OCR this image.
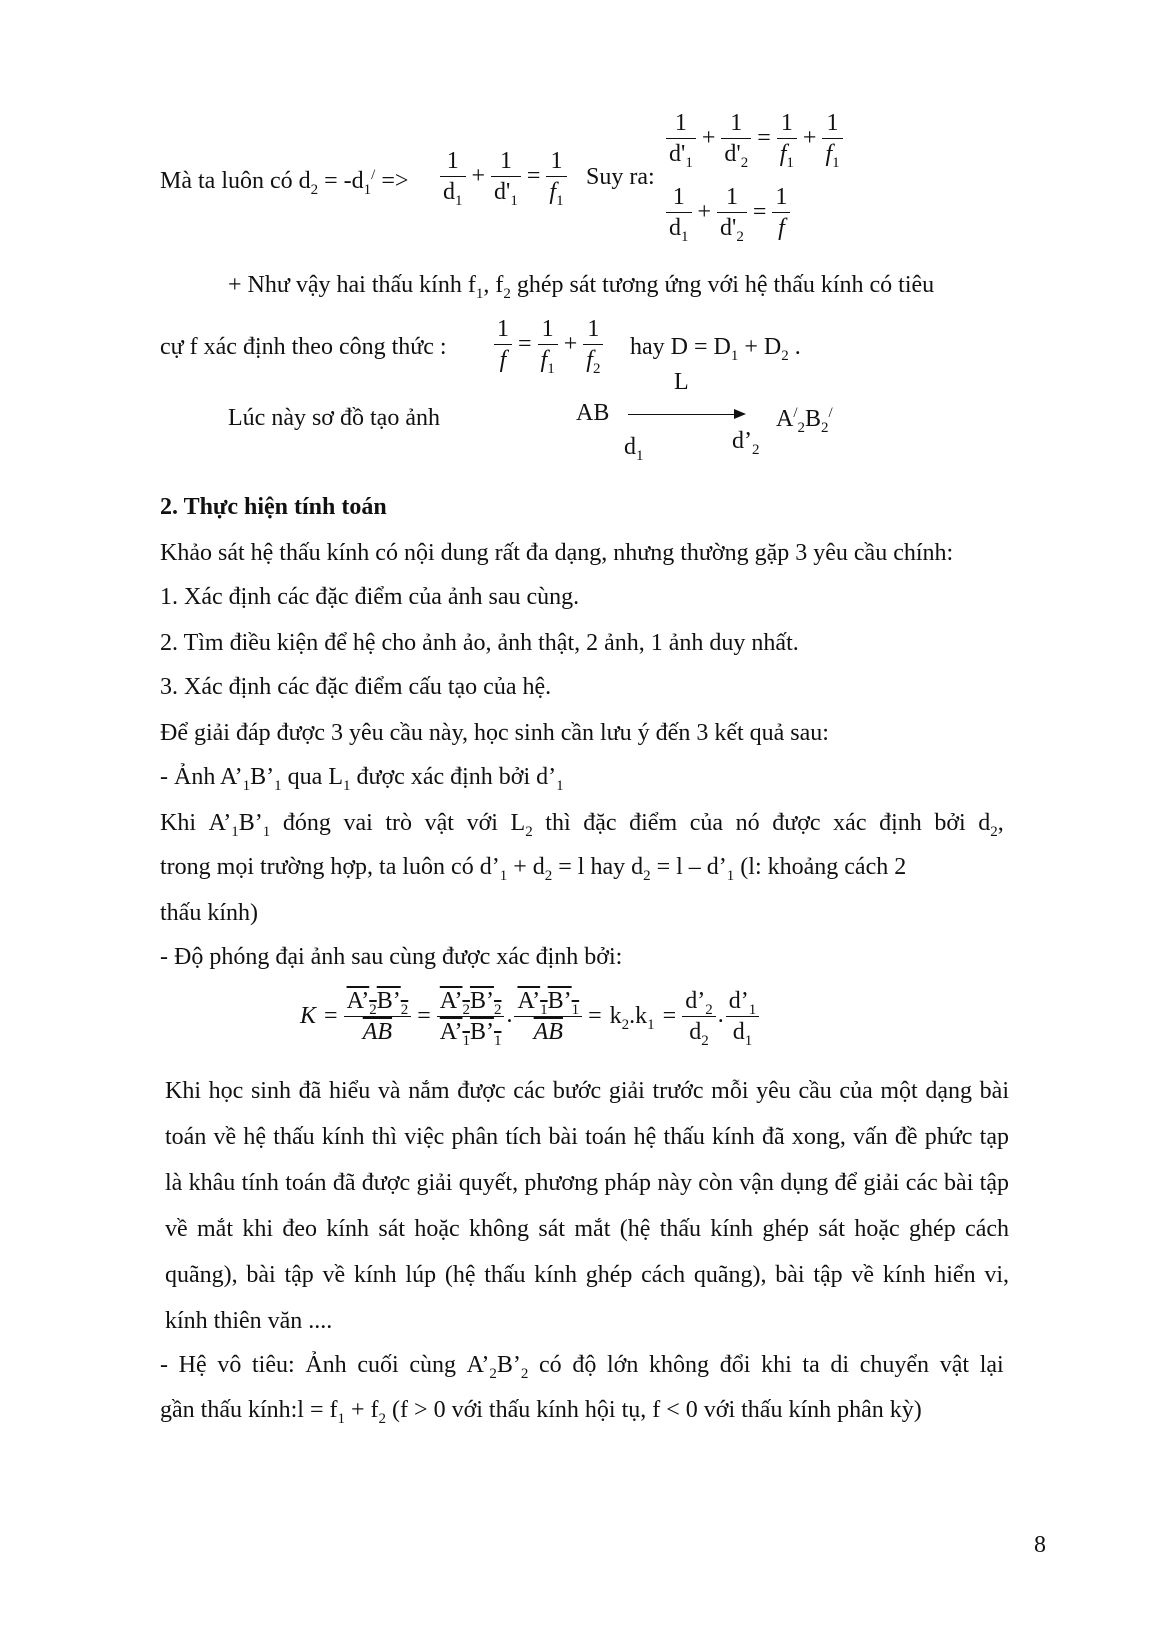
Mà ta luôn có $d_2 = -d_1^/ => \frac{1}{d_1} + \frac{1}{d'_1} = \frac{1}{f_1}$ Suy ra:
$\frac{1}{d'_1} + \frac{1}{d'_2} = \frac{1}{f_1} + \frac{1}{f_1}$
$\frac{1}{d_1} + \frac{1}{d'_2} = \frac{1}{f}$
+ Như vậy hai thấu kính $f_1$, $f_2$ ghép sát tương ứng với hệ thấu kính có tiêu
cự f xác định theo công thức : $\frac{1}{f} = \frac{1}{f_1} + \frac{1}{f_2}$ hay $D = D_1 + D_2$ .
Lúc này sơ đồ tạo ảnh
L
AB	$A^/_2B_2^/$
$d_1$
$d’_2$
2. Thực hiện tính toán
Khảo sát hệ thấu kính có nội dung rất đa dạng, nhưng thường gặp 3 yêu cầu chính:
1. Xác định các đặc điểm của ảnh sau cùng.
2. Tìm điều kiện để hệ cho ảnh ảo, ảnh thật, 2 ảnh, 1 ảnh duy nhất.
3. Xác định các đặc điểm cấu tạo của hệ.
Để giải đáp được 3 yêu cầu này, học sinh cần lưu ý đến 3 kết quả sau:
- Ảnh $A’_1B’_1$ qua $L_1$ được xác định bởi $d’_1$
Khi $A’_1B’_1$ đóng vai trò vật với $L_2$ thì đặc điểm của nó được xác định bởi $d_2$,
trong mọi trường hợp, ta luôn có $d’_1 + d_2 = l$ hay $d_2 = l$ – $d’_1$ (l: khoảng cách 2
thấu kính)
- Độ phóng đại ảnh sau cùng được xác định bởi:
$K = \frac{A’_2B’_2}{AB} = \frac{A’_2B’_2}{A’_1B’_1}$ . $\frac{A’_1B’_1}{AB} = k_2.k_1 = \frac{d’_2}{d_2}$ . $\frac{d’_1}{d_1}$
Khi học sinh đã hiểu và nắm được các bước giải trước mỗi yêu cầu của một dạng bài toán về hệ thấu kính thì việc phân tích bài toán hệ thấu kính đã xong, vấn đề phức tạp là khâu tính toán đã được giải quyết, phương pháp này còn vận dụng để giải các bài tập về mắt khi đeo kính sát hoặc không sát mắt (hệ thấu kính ghép sát hoặc ghép cách quãng), bài tập về kính lúp (hệ thấu kính ghép cách quãng), bài tập về kính hiển vi, kính thiên văn ....
- Hệ vô tiêu: Ảnh cuối cùng $A’_2B’_2$ có độ lớn không đổi khi ta di chuyển vật lại
gần thấu kính:l = $f_1 + f_2$ (f > 0 với thấu kính hội tụ, f < 0 với thấu kính phân kỳ)
8
